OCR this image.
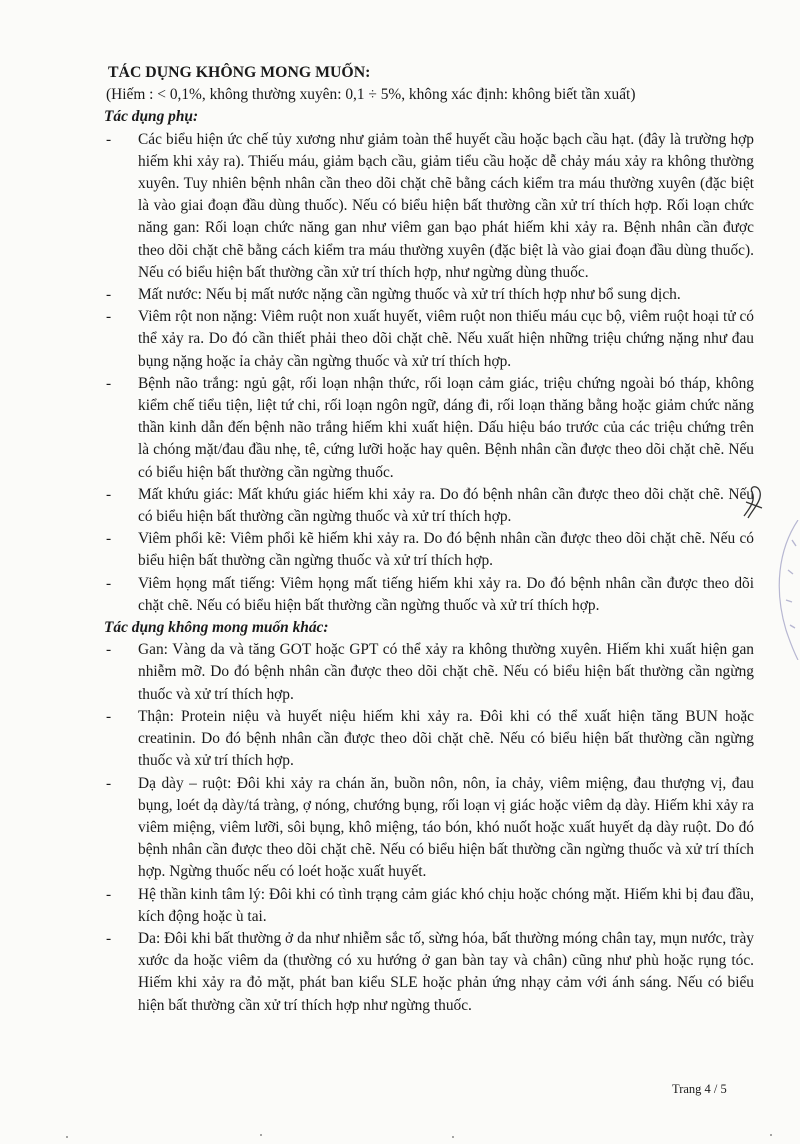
TÁC DỤNG KHÔNG MONG MUỐN:
(Hiếm : < 0,1%, không thường xuyên: 0,1 ÷ 5%, không xác định: không biết tần xuất)
Tác dụng phụ:
- Các biểu hiện ức chế tủy xương như giảm toàn thể huyết cầu hoặc bạch cầu hạt. (đây là trường hợp hiếm khi xảy ra). Thiếu máu, giảm bạch cầu, giảm tiểu cầu hoặc dễ chảy máu xảy ra không thường xuyên. Tuy nhiên bệnh nhân cần theo dõi chặt chẽ bằng cách kiểm tra máu thường xuyên (đặc biệt là vào giai đoạn đầu dùng thuốc). Nếu có biểu hiện bất thường cần xử trí thích hợp. Rối loạn chức năng gan: Rối loạn chức năng gan như viêm gan bạo phát hiếm khi xảy ra. Bệnh nhân cần được theo dõi chặt chẽ bằng cách kiểm tra máu thường xuyên (đặc biệt là vào giai đoạn đầu dùng thuốc). Nếu có biểu hiện bất thường cần xử trí thích hợp, như ngừng dùng thuốc.
- Mất nước: Nếu bị mất nước nặng cần ngừng thuốc và xử trí thích hợp như bổ sung dịch.
- Viêm rột non nặng: Viêm ruột non xuất huyết, viêm ruột non thiếu máu cục bộ, viêm ruột hoại tử có thể xảy ra. Do đó cần thiết phải theo dõi chặt chẽ. Nếu xuất hiện những triệu chứng nặng như đau bụng nặng hoặc ỉa chảy cần ngừng thuốc và xử trí thích hợp.
- Bệnh não trắng: ngủ gật, rối loạn nhận thức, rối loạn cảm giác, triệu chứng ngoài bó tháp, không kiểm chế tiểu tiện, liệt tứ chi, rối loạn ngôn ngữ, dáng đi, rối loạn thăng bằng hoặc giảm chức năng thần kinh dẫn đến bệnh não trắng hiếm khi xuất hiện. Dấu hiệu báo trước của các triệu chứng trên là chóng mặt/đau đầu nhẹ, tê, cứng lưỡi hoặc hay quên. Bệnh nhân cần được theo dõi chặt chẽ. Nếu có biểu hiện bất thường cần ngừng thuốc.
- Mất khứu giác: Mất khứu giác hiếm khi xảy ra. Do đó bệnh nhân cần được theo dõi chặt chẽ. Nếu có biểu hiện bất thường cần ngừng thuốc và xử trí thích hợp.
- Viêm phổi kẽ: Viêm phổi kẽ hiếm khi xảy ra. Do đó bệnh nhân cần được theo dõi chặt chẽ. Nếu có biểu hiện bất thường cần ngừng thuốc và xử trí thích hợp.
- Viêm họng mất tiếng: Viêm họng mất tiếng hiếm khi xảy ra. Do đó bệnh nhân cần được theo dõi chặt chẽ. Nếu có biểu hiện bất thường cần ngừng thuốc và xử trí thích hợp.
Tác dụng không mong muốn khác:
- Gan: Vàng da và tăng GOT hoặc GPT có thể xảy ra không thường xuyên. Hiếm khi xuất hiện gan nhiễm mỡ. Do đó bệnh nhân cần được theo dõi chặt chẽ. Nếu có biểu hiện bất thường cần ngừng thuốc và xử trí thích hợp.
- Thận: Protein niệu và huyết niệu hiếm khi xảy ra. Đôi khi có thể xuất hiện tăng BUN hoặc creatinin. Do đó bệnh nhân cần được theo dõi chặt chẽ. Nếu có biểu hiện bất thường cần ngừng thuốc và xử trí thích hợp.
- Dạ dày – ruột: Đôi khi xảy ra chán ăn, buồn nôn, nôn, ỉa chảy, viêm miệng, đau thượng vị, đau bụng, loét dạ dày/tá tràng, ợ nóng, chướng bụng, rối loạn vị giác hoặc viêm dạ dày. Hiếm khi xảy ra viêm miệng, viêm lưỡi, sôi bụng, khô miệng, táo bón, khó nuốt hoặc xuất huyết dạ dày ruột. Do đó bệnh nhân cần được theo dõi chặt chẽ. Nếu có biểu hiện bất thường cần ngừng thuốc và xử trí thích hợp. Ngừng thuốc nếu có loét hoặc xuất huyết.
- Hệ thần kinh tâm lý: Đôi khi có tình trạng cảm giác khó chịu hoặc chóng mặt. Hiếm khi bị đau đầu, kích động hoặc ù tai.
- Da: Đôi khi bất thường ở da như nhiễm sắc tố, sừng hóa, bất thường móng chân tay, mụn nước, trày xước da hoặc viêm da (thường có xu hướng ở gan bàn tay và chân) cũng như phù hoặc rụng tóc. Hiếm khi xảy ra đỏ mặt, phát ban kiểu SLE hoặc phản ứng nhạy cảm với ánh sáng. Nếu có biểu hiện bất thường cần xử trí thích hợp như ngừng thuốc.
Trang 4 / 5
